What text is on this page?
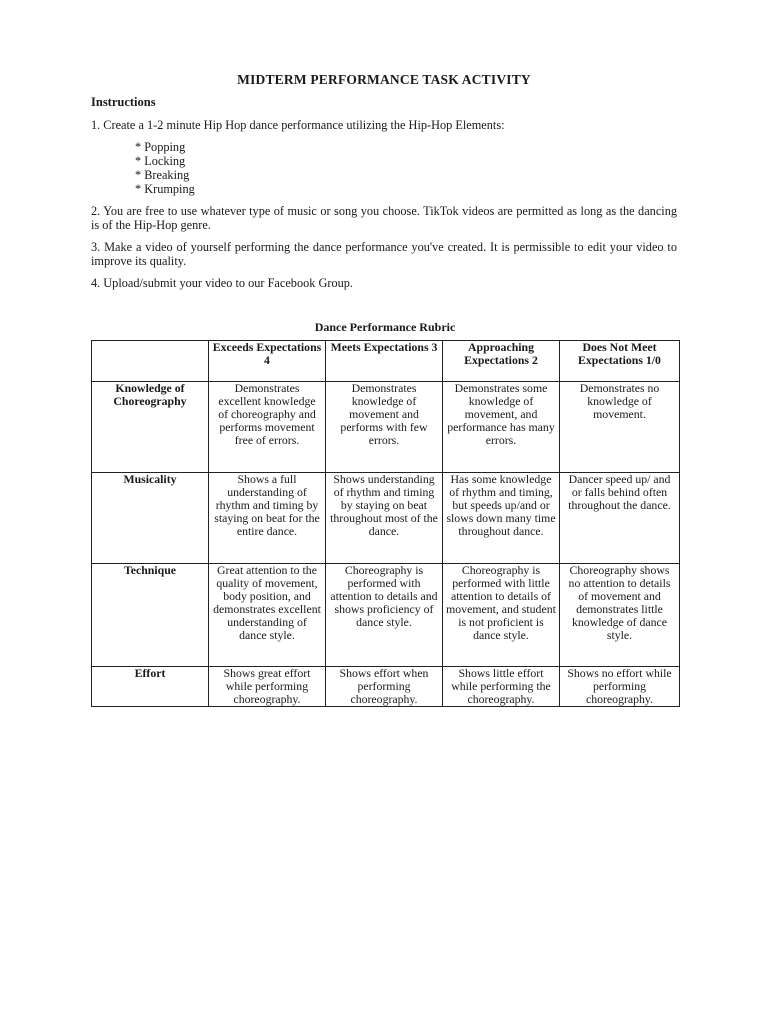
MIDTERM PERFORMANCE TASK ACTIVITY
Instructions
1. Create a 1-2 minute Hip Hop dance performance utilizing the Hip-Hop Elements:
* Popping
* Locking
* Breaking
* Krumping
2. You are free to use whatever type of music or song you choose. TikTok videos are permitted as long as the dancing is of the Hip-Hop genre.
3. Make a video of yourself performing the dance performance you've created. It is permissible to edit your video to improve its quality.
4. Upload/submit your video to our Facebook Group.
Dance Performance Rubric
	Exceeds Expectations 4	Meets Expectations 3	Approaching Expectations 2	Does Not Meet Expectations 1/0
Knowledge of Choreography	Demonstrates excellent knowledge of choreography and performs movement free of errors.	Demonstrates knowledge of movement and performs with few errors.	Demonstrates some knowledge of movement, and performance has many errors.	Demonstrates no knowledge of movement.
Musicality	Shows a full understanding of rhythm and timing by staying on beat for the entire dance.	Shows understanding of rhythm and timing by staying on beat throughout most of the dance.	Has some knowledge of rhythm and timing, but speeds up/and or slows down many time throughout dance.	Dancer speed up/ and or falls behind often throughout the dance.
Technique	Great attention to the quality of movement, body position, and demonstrates excellent understanding of dance style.	Choreography is performed with attention to details and shows proficiency of dance style.	Choreography is performed with little attention to details of movement, and student is not proficient is dance style.	Choreography shows no attention to details of movement and demonstrates little knowledge of dance style.
Effort	Shows great effort while performing choreography.	Shows effort when performing choreography.	Shows little effort while performing the choreography.	Shows no effort while performing choreography.
